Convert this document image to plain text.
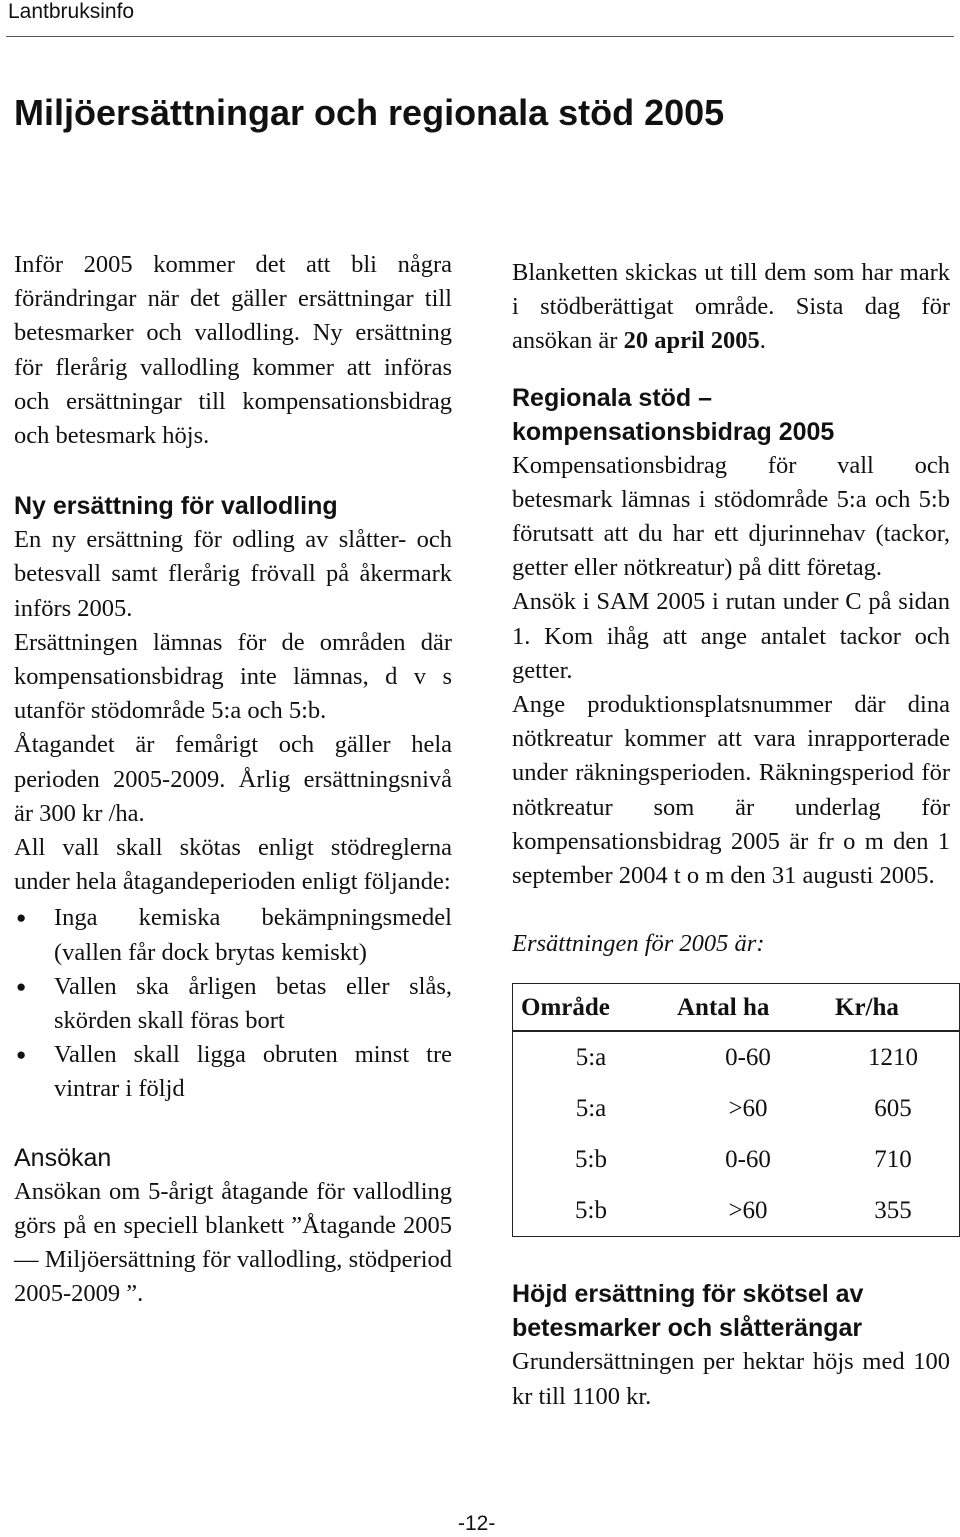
Lantbruksinfo
Miljöersättningar och regionala stöd 2005

Inför 2005 kommer det att bli några förändringar när det gäller ersättningar till betesmarker och vallodling. Ny ersättning för flerårig vallodling kommer att införas och ersättningar till kompensationsbidrag och betesmark höjs.

Ny ersättning för vallodling

En ny ersättning för odling av slåtter- och betesvall samt flerårig frövall på åkermark införs 2005.

Ersättningen lämnas för de områden där kompensationsbidrag inte lämnas, d v s utanför stödområde 5:a och 5:b.

Åtagandet är femårigt och gäller hela perioden 2005-2009. Årlig ersättningsnivå är 300 kr /ha.

All vall skall skötas enligt stödreglerna under hela åtagandeperioden enligt följande:

● Inga kemiska bekämpningsmedel (vallen får dock brytas kemiskt)
● Vallen ska årligen betas eller slås, skörden skall föras bort
● Vallen skall ligga obruten minst tre vintrar i följd
Ansökan

Ansökan om 5-årigt åtagande för vallodling görs på en speciell blankett ”Åtagande 2005 — Miljöersättning för vallodling, stödperiod 2005-2009 ”.

Blanketten skickas ut till dem som har mark i stödberättigat område. Sista dag för ansökan är 20 april 2005.

Regionala stöd – kompensationsbidrag 2005

Kompensationsbidrag för vall och betesmark lämnas i stödområde 5:a och 5:b förutsatt att du har ett djurinnehav (tackor, getter eller nötkreatur) på ditt företag.

Ansök i SAM 2005 i rutan under C på sidan 1. Kom ihåg att ange antalet tackor och getter.

Ange produktionsplatsnummer där dina nötkreatur kommer att vara inrapporterade under räkningsperioden. Räkningsperiod för nötkreatur som är underlag för kompensationsbidrag 2005 är fr o m den 1 september 2004 t o m den 31 augusti 2005.

Ersättningen för 2005 är:

Område	Antal ha	Kr/ha
5:a	0-60	1210
5:a	>60	605
5:b	0-60	710
5:b	>60	355
Höjd ersättning för skötsel av betesmarker och slåtterängar

Grundersättningen per hektar höjs med 100 kr till 1100 kr.

-12-
